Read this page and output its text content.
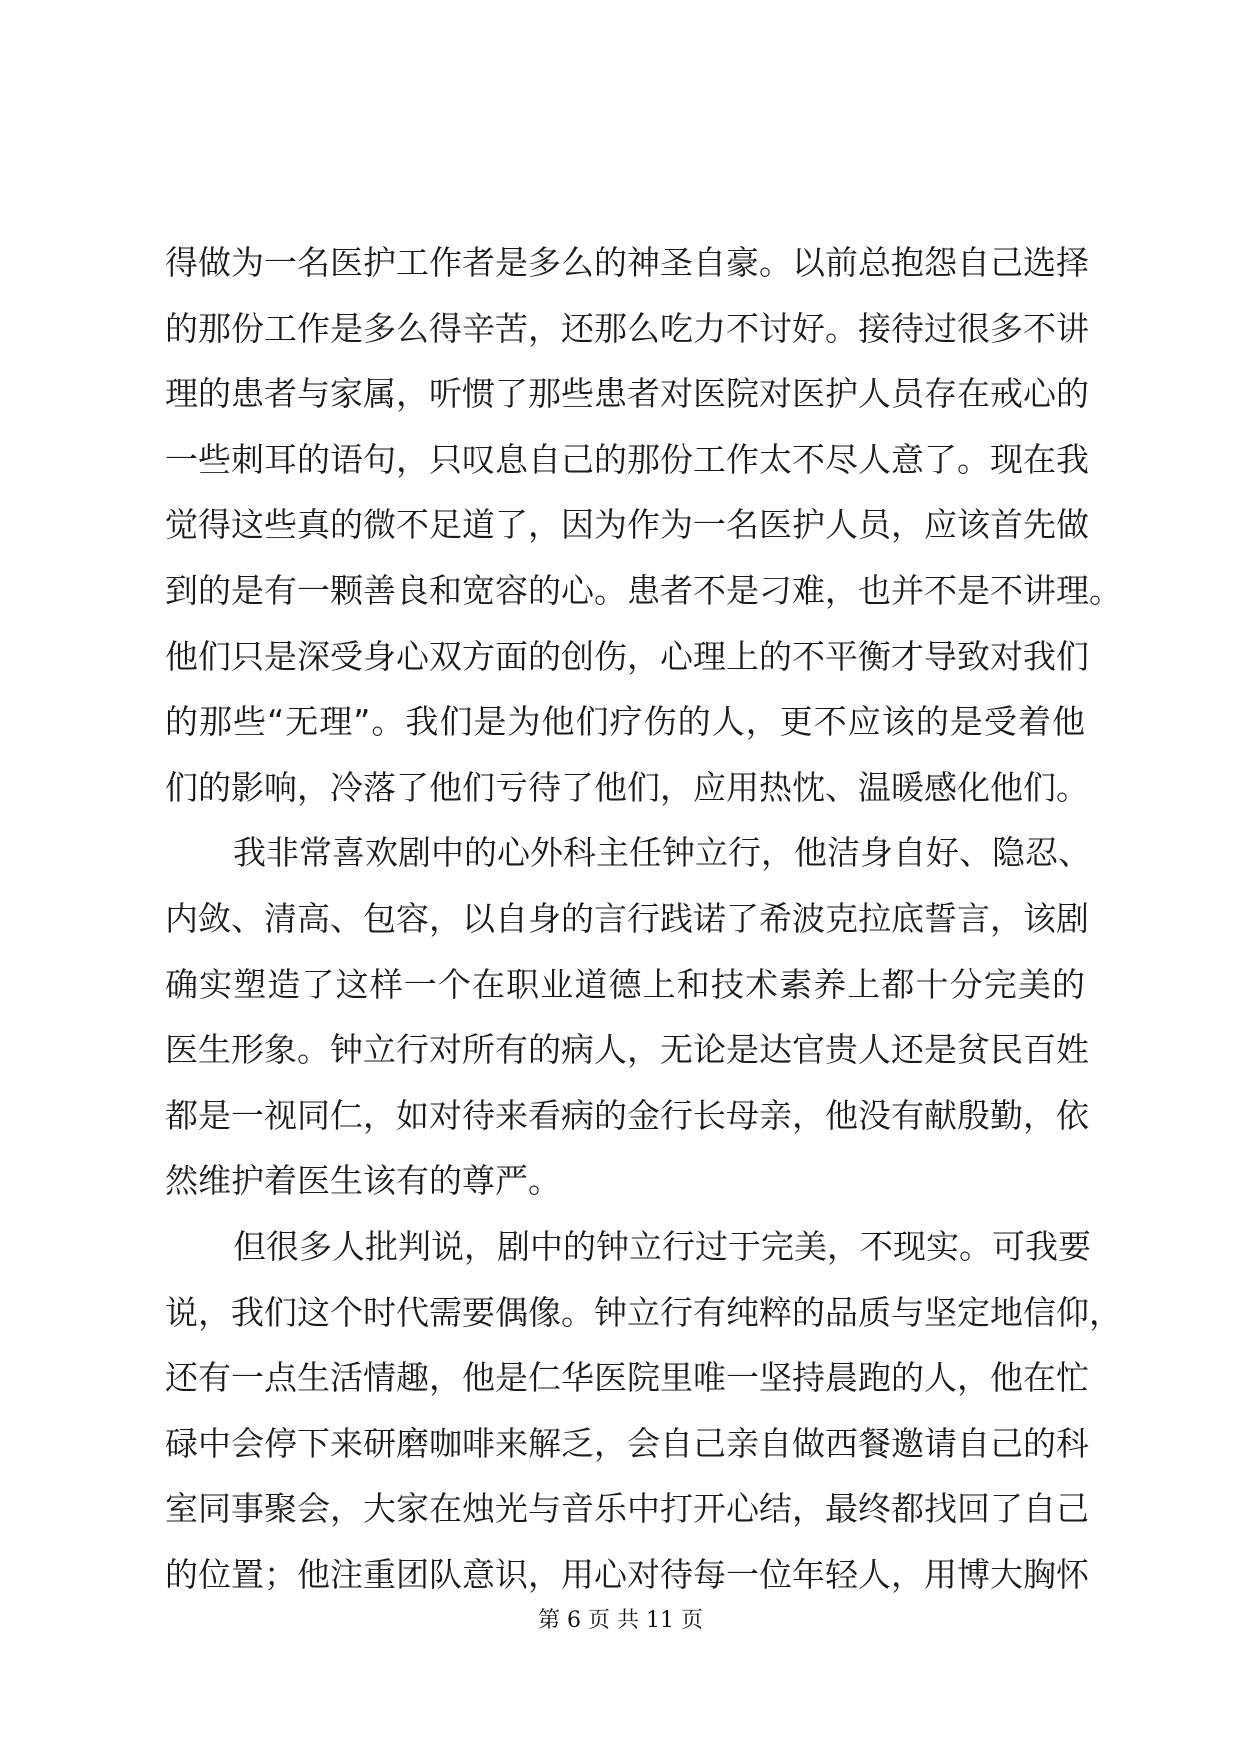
得做为一名医护工作者是多么的神圣自豪。以前总抱怨自己选择
的那份工作是多么得辛苦，还那么吃力不讨好。接待过很多不讲
理的患者与家属，听惯了那些患者对医院对医护人员存在戒心的
一些刺耳的语句，只叹息自己的那份工作太不尽人意了。现在我
觉得这些真的微不足道了，因为作为一名医护人员，应该首先做
到的是有一颗善良和宽容的心。患者不是刁难，也并不是不讲理。
他们只是深受身心双方面的创伤，心理上的不平衡才导致对我们
的那些“无理”。我们是为他们疗伤的人，更不应该的是受着他
们的影响，冷落了他们亏待了他们，应用热忱、温暖感化他们。
我非常喜欢剧中的心外科主任钟立行，他洁身自好、隐忍、
内敛、清高、包容，以自身的言行践诺了希波克拉底誓言，该剧
确实塑造了这样一个在职业道德上和技术素养上都十分完美的
医生形象。钟立行对所有的病人，无论是达官贵人还是贫民百姓
都是一视同仁，如对待来看病的金行长母亲，他没有献殷勤，依
然维护着医生该有的尊严。
但很多人批判说，剧中的钟立行过于完美，不现实。可我要
说，我们这个时代需要偶像。钟立行有纯粹的品质与坚定地信仰，
还有一点生活情趣，他是仁华医院里唯一坚持晨跑的人，他在忙
碌中会停下来研磨咖啡来解乏，会自己亲自做西餐邀请自己的科
室同事聚会，大家在烛光与音乐中打开心结，最终都找回了自己
的位置；他注重团队意识，用心对待每一位年轻人，用博大胸怀
第 6 页 共 11 页
